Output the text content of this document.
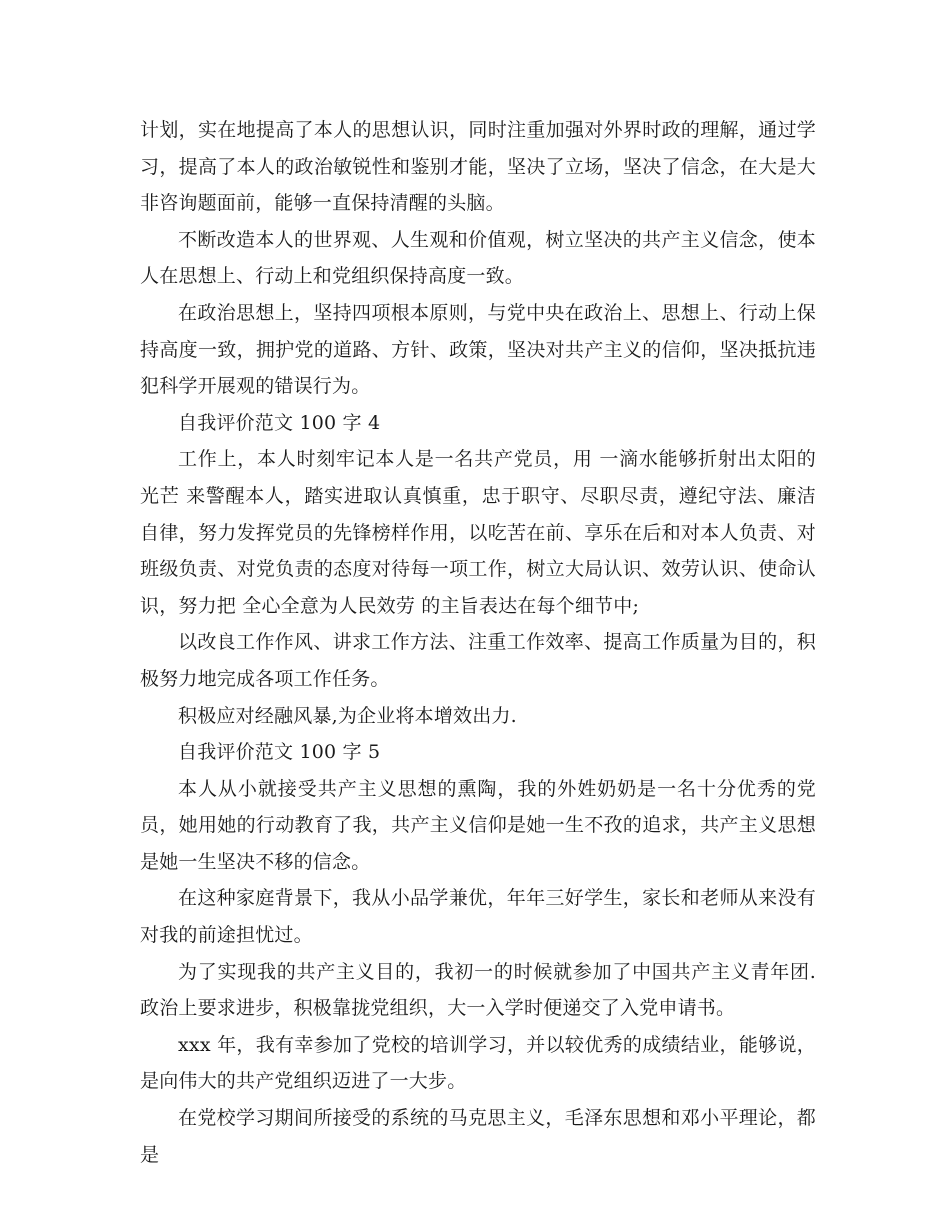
计划，实在地提高了本人的思想认识，同时注重加强对外界时政的理解，通过学习，提高了本人的政治敏锐性和鉴别才能，坚决了立场，坚决了信念，在大是大非咨询题面前，能够一直保持清醒的头脑。

不断改造本人的世界观、人生观和价值观，树立坚决的共产主义信念，使本人在思想上、行动上和党组织保持高度一致。

在政治思想上，坚持四项根本原则，与党中央在政治上、思想上、行动上保持高度一致，拥护党的道路、方针、政策，坚决对共产主义的信仰，坚决抵抗违犯科学开展观的错误行为。

自我评价范文 100 字 4

工作上，本人时刻牢记本人是一名共产党员，用 一滴水能够折射出太阳的光芒 来警醒本人，踏实进取认真慎重，忠于职守、尽职尽责，遵纪守法、廉洁自律，努力发挥党员的先锋榜样作用，以吃苦在前、享乐在后和对本人负责、对班级负责、对党负责的态度对待每一项工作，树立大局认识、效劳认识、使命认识，努力把 全心全意为人民效劳 的主旨表达在每个细节中;

以改良工作作风、讲求工作方法、注重工作效率、提高工作质量为目的，积极努力地完成各项工作任务。

积极应对经融风暴,为企业将本增效出力.

自我评价范文 100 字 5

本人从小就接受共产主义思想的熏陶，我的外姓奶奶是一名十分优秀的党员，她用她的行动教育了我，共产主义信仰是她一生不孜的追求，共产主义思想是她一生坚决不移的信念。

在这种家庭背景下，我从小品学兼优，年年三好学生，家长和老师从来没有对我的前途担忧过。

为了实现我的共产主义目的，我初一的时候就参加了中国共产主义青年团.政治上要求进步，积极靠拢党组织，大一入学时便递交了入党申请书。

xxx 年，我有幸参加了党校的培训学习，并以较优秀的成绩结业，能够说，是向伟大的共产党组织迈进了一大步。

在党校学习期间所接受的系统的马克思主义，毛泽东思想和邓小平理论，都是
